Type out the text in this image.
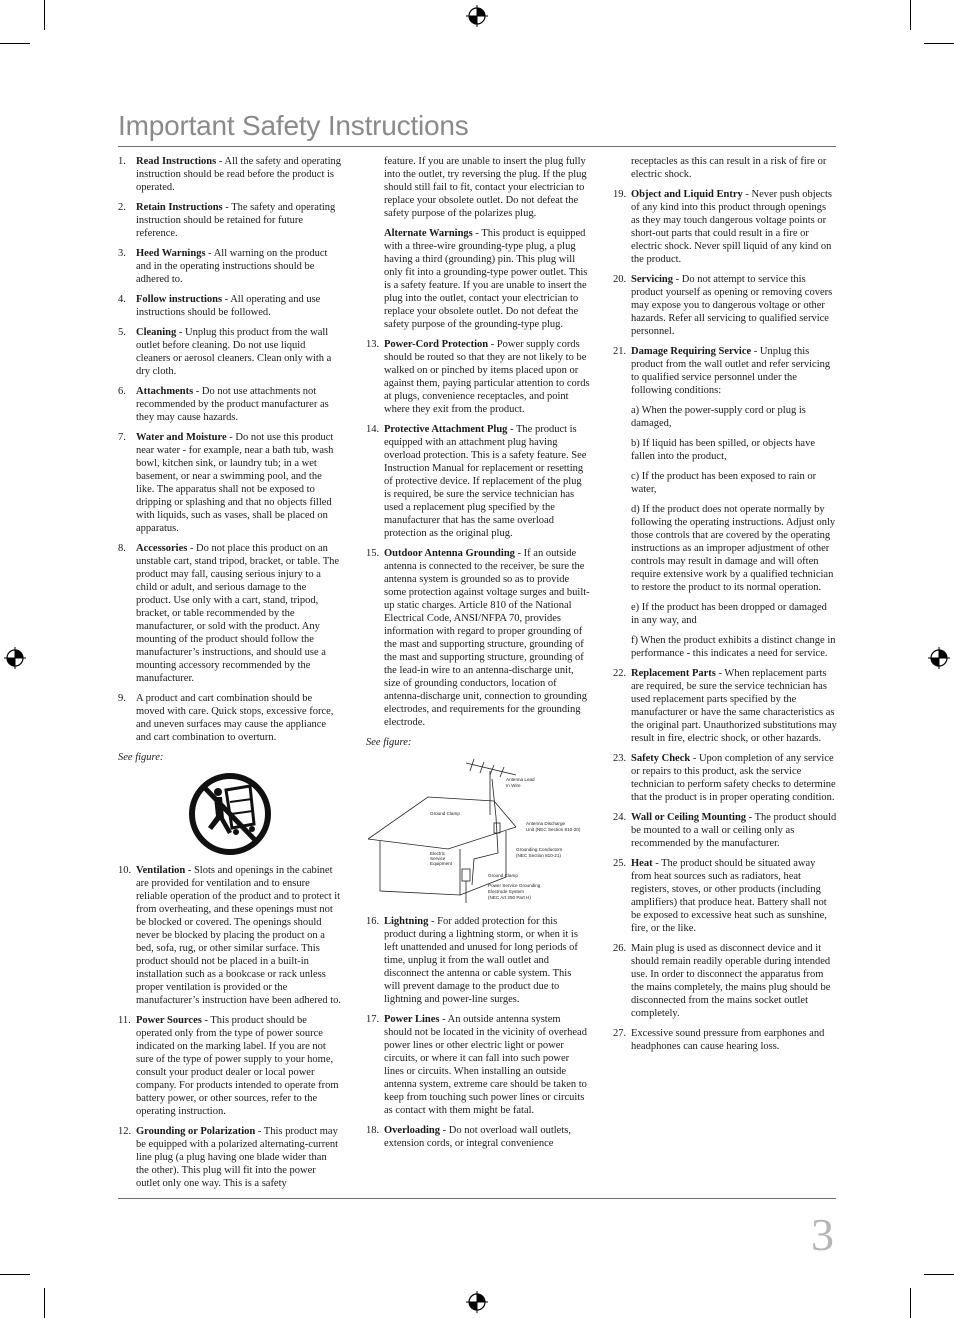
Important Safety Instructions
1. Read Instructions - All the safety and operating instruction should be read before the product is operated.
2. Retain Instructions - The safety and operating instruction should be retained for future reference.
3. Heed Warnings - All warning on the product and in the operating instructions should be adhered to.
4. Follow instructions - All operating and use instructions should be followed.
5. Cleaning - Unplug this product from the wall outlet before cleaning. Do not use liquid cleaners or aerosol cleaners. Clean only with a dry cloth.
6. Attachments - Do not use attachments not recommended by the product manufacturer as they may cause hazards.
7. Water and Moisture - Do not use this product near water - for example, near a bath tub, wash bowl, kitchen sink, or laundry tub; in a wet basement, or near a swimming pool, and the like. The apparatus shall not be exposed to dripping or splashing and that no objects filled with liquids, such as vases, shall be placed on apparatus.
8. Accessories - Do not place this product on an unstable cart, stand tripod, bracket, or table. The product may fall, causing serious injury to a child or adult, and serious damage to the product. Use only with a cart, stand, tripod, bracket, or table recommended by the manufacturer, or sold with the product. Any mounting of the product should follow the manufacturer’s instructions, and should use a mounting accessory recommended by the manufacturer.
9. A product and cart combination should be moved with care. Quick stops, excessive force, and uneven surfaces may cause the appliance and cart combination to overturn.
See figure:
10. Ventilation - Slots and openings in the cabinet are provided for ventilation and to ensure reliable operation of the product and to protect it from overheating, and these openings must not be blocked or covered. The openings should never be blocked by placing the product on a bed, sofa, rug, or other similar surface. This product should not be placed in a built-in installation such as a bookcase or rack unless proper ventilation is provided or the manufacturer’s instruction have been adhered to.
11. Power Sources - This product should be operated only from the type of power source indicated on the marking label. If you are not sure of the type of power supply to your home, consult your product dealer or local power company. For products intended to operate from battery power, or other sources, refer to the operating instruction.
12. Grounding or Polarization - This product may be equipped with a polarized alternating-current line plug (a plug having one blade wider than the other). This plug will fit into the power outlet only one way. This is a safety
feature. If you are unable to insert the plug fully into the outlet, try reversing the plug. If the plug should still fail to fit, contact your electrician to replace your obsolete outlet. Do not defeat the safety purpose of the polarizes plug.
Alternate Warnings - This product is equipped with a three-wire grounding-type plug, a plug having a third (grounding) pin. This plug will only fit into a grounding-type power outlet. This is a safety feature. If you are unable to insert the plug into the outlet, contact your electrician to replace your obsolete outlet. Do not defeat the safety purpose of the grounding-type plug.
13. Power-Cord Protection - Power supply cords should be routed so that they are not likely to be walked on or pinched by items placed upon or against them, paying particular attention to cords at plugs, convenience receptacles, and point where they exit from the product.
14. Protective Attachment Plug - The product is equipped with an attachment plug having overload protection. This is a safety feature. See Instruction Manual for replacement or resetting of protective device. If replacement of the plug is required, be sure the service technician has used a replacement plug specified by the manufacturer that has the same overload protection as the original plug.
15. Outdoor Antenna Grounding - If an outside antenna is connected to the receiver, be sure the antenna system is grounded so as to provide some protection against voltage surges and built-up static charges. Article 810 of the National Electrical Code, ANSI/NFPA 70, provides information with regard to proper grounding of the mast and supporting structure, grounding of the mast and supporting structure, grounding of the lead-in wire to an antenna-discharge unit, size of grounding conductors, location of antenna-discharge unit, connection to grounding electrodes, and requirements for the grounding electrode.
See figure:
Antenna Lead
In Wire
Ground Clamp
Antenna Discharge
Unit (NEC Section 810-20)
Electric
Service
Equipment
Grounding Conductors
(NEC Section 810-21)
Ground Clamp
Power Service Grounding
Electrode System
(NEC Art 250 Part H)
16. Lightning - For added protection for this product during a lightning storm, or when it is left unattended and unused for long periods of time, unplug it from the wall outlet and disconnect the antenna or cable system. This will prevent damage to the product due to lightning and power-line surges.
17. Power Lines - An outside antenna system should not be located in the vicinity of overhead power lines or other electric light or power circuits, or where it can fall into such power lines or circuits. When installing an outside antenna system, extreme care should be taken to keep from touching such power lines or circuits as contact with them might be fatal.
18. Overloading - Do not overload wall outlets, extension cords, or integral convenience
receptacles as this can result in a risk of fire or electric shock.
19. Object and Liquid Entry - Never push objects of any kind into this product through openings as they may touch dangerous voltage points or short-out parts that could result in a fire or electric shock. Never spill liquid of any kind on the product.
20. Servicing - Do not attempt to service this product yourself as opening or removing covers may expose you to dangerous voltage or other hazards. Refer all servicing to qualified service personnel.
21. Damage Requiring Service - Unplug this product from the wall outlet and refer servicing to qualified service personnel under the following conditions:
a) When the power-supply cord or plug is damaged,
b) If liquid has been spilled, or objects have fallen into the product,
c) If the product has been exposed to rain or water,
d) If the product does not operate normally by following the operating instructions. Adjust only those controls that are covered by the operating instructions as an improper adjustment of other controls may result in damage and will often require extensive work by a qualified technician to restore the product to its normal operation.
e) If the product has been dropped or damaged in any way, and
f) When the product exhibits a distinct change in performance - this indicates a need for service.
22. Replacement Parts - When replacement parts are required, be sure the service technician has used replacement parts specified by the manufacturer or have the same characteristics as the original part. Unauthorized substitutions may result in fire, electric shock, or other hazards.
23. Safety Check - Upon completion of any service or repairs to this product, ask the service technician to perform safety checks to determine that the product is in proper operating condition.
24. Wall or Ceiling Mounting - The product should be mounted to a wall or ceiling only as recommended by the manufacturer.
25. Heat - The product should be situated away from heat sources such as radiators, heat registers, stoves, or other products (including amplifiers) that produce heat. Battery shall not be exposed to excessive heat such as sunshine, fire, or the like.
26. Main plug is used as disconnect device and it should remain readily operable during intended use. In order to disconnect the apparatus from the mains completely, the mains plug should be disconnected from the mains socket outlet completely.
27. Excessive sound pressure from earphones and headphones can cause hearing loss.
3
